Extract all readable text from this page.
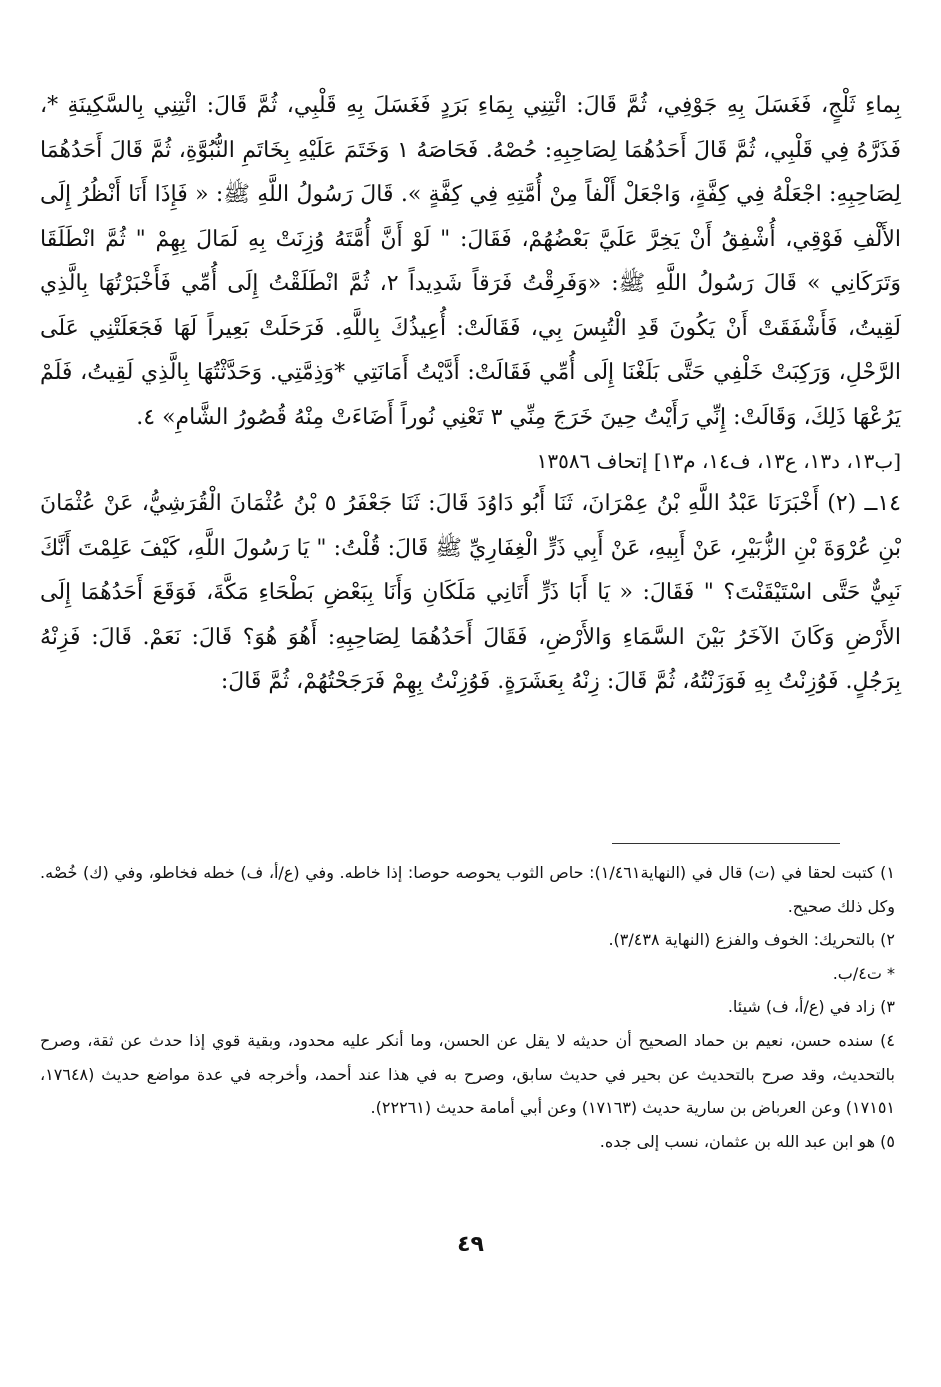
بِماءِ ثَلْجٍ، فَغَسَلَ بِهِ جَوْفِي، ثُمَّ قَالَ: ائْتِنِي بِمَاءِ بَرَدٍ فَغَسَلَ بِهِ قَلْبِي، ثُمَّ قَالَ: ائْتِنِي بِالسَّكِينَةِ *، فَذَرَّهُ فِي قَلْبِي، ثُمَّ قَالَ أَحَدُهُمَا لِصَاحِبِهِ: حُصْهُ. فَحَاصَهُ ١ وَخَتَمَ عَلَيْهِ بِخَاتَمِ النُّبُوَّةِ، ثُمَّ قَالَ أَحَدُهُمَا لِصَاحِبِهِ: اجْعَلْهُ فِي كِفَّةٍ، وَاجْعَلْ أَلْفاً مِنْ أُمَّتِهِ فِي كِفَّةٍ ». قَالَ رَسُولُ اللَّهِ ﷺ: « فَإِذَا أَنَا أَنْظُرُ إِلَى الأَلْفِ فَوْقِي، أُشْفِقُ أَنْ يَخِرَّ عَلَيَّ بَعْضُهُمْ، فَقَالَ: " لَوْ أَنَّ أُمَّتَهُ وُزِنَتْ بِهِ لَمَالَ بِهِمْ " ثُمَّ انْطَلَقَا وَتَرَكَانِي » قَالَ رَسُولُ اللَّهِ ﷺ: «وَفَرِقْتُ فَرَقاً شَدِيداً ٢، ثُمَّ انْطَلَقْتُ إِلَى أُمِّي فَأَخْبَرْتُهَا بِالَّذِي لَقِيتُ، فَأَشْفَقَتْ أَنْ يَكُونَ قَدِ الْتُبِسَ بِي، فَقَالَتْ: أُعِيذُكَ بِاللَّهِ. فَرَحَلَتْ بَعِيراً لَهَا فَجَعَلَتْنِي عَلَى الرَّحْلِ، وَرَكِبَتْ خَلْفِي حَتَّى بَلَغْنَا إِلَى أُمِّي فَقَالَتْ: أَدَّيْتُ أَمَانَتِي *وَذِمَّتِي. وَحَدَّثْتُهَا بِالَّذِي لَقِيتُ، فَلَمْ يَرُعْهَا ذَلِكَ، وَقَالَتْ: إِنِّي رَأَيْتُ حِينَ خَرَجَ مِنِّي ٣ تَعْنِي نُوراً أَضَاءَتْ مِنْهُ قُصُورُ الشَّامِ» ٤.

[ب١٣، د١٣، ع١٣، ف١٤، م١٣] إتحاف ١٣٥٨٦

١٤ــ (٢) أَخْبَرَنَا عَبْدُ اللَّهِ بْنُ عِمْرَانَ، ثَنَا أَبُو دَاوُدَ قَالَ: ثَنَا جَعْفَرُ ٥ بْنُ عُثْمَانَ الْقُرَشِيُّ، عَنْ عُثْمَانَ بْنِ عُرْوَةَ بْنِ الزُّبَيْرِ، عَنْ أَبِيهِ، عَنْ أَبِي ذَرٍّ الْغِفَارِيِّ ﷺ قَالَ: قُلْتُ: " يَا رَسُولَ اللَّهِ، كَيْفَ عَلِمْتَ أَنَّكَ نَبِيٌّ حَتَّى اسْتَيْقَنْتَ؟ " فَقَالَ: « يَا أَبَا ذَرٍّ أَتَانِي مَلَكَانِ وَأَنَا بِبَعْضِ بَطْحَاءِ مَكَّةَ، فَوَقَعَ أَحَدُهُمَا إِلَى الأَرْضِ وَكَانَ الآخَرُ بَيْنَ السَّمَاءِ وَالأَرْضِ، فَقَالَ أَحَدُهُمَا لِصَاحِبِهِ: أَهُوَ هُوَ؟ قَالَ: نَعَمْ. قَالَ: فَزِنْهُ بِرَجُلٍ. فَوُزِنْتُ بِهِ فَوَزَنْتُهُ، ثُمَّ قَالَ: زِنْهُ بِعَشَرَةٍ. فَوُزِنْتُ بِهِمْ فَرَجَحْتُهُمْ، ثُمَّ قَالَ:

١) كتبت لحقا في (ت) قال في (النهاية١/٤٦١): حاص الثوب يحوصه حوصا: إذا خاطه. وفي (ع/أ، ف) خطه فخاطو، وفي (ك) خُصْه. وكل ذلك صحيح.

٢) بالتحريك: الخوف والفزع (النهاية ٣/٤٣٨).

* ت٤/ب.

٣) زاد في (ع/أ، ف) شيئا.

٤) سنده حسن، نعيم بن حماد الصحيح أن حديثه لا يقل عن الحسن، وما أنكر عليه محدود، وبقية قوي إذا حدث عن ثقة، وصرح بالتحديث، وقد صرح بالتحديث عن بحير في حديث سابق، وصرح به في هذا عند أحمد، وأخرجه في عدة مواضع حديث (١٧٦٤٨، ١٧١٥١) وعن العرباض بن سارية حديث (١٧١٦٣) وعن أبي أمامة حديث (٢٢٢٦١).

٥) هو ابن عبد الله بن عثمان، نسب إلى جده.

٤٩
